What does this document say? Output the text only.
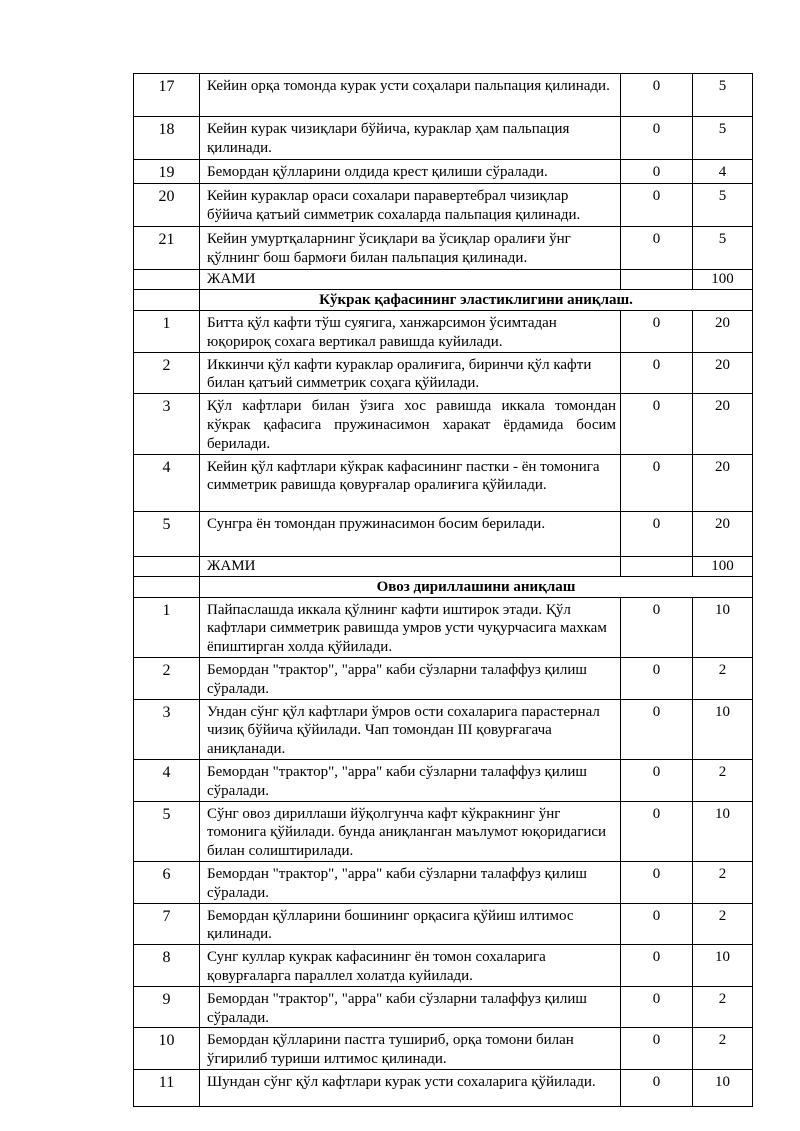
17	Кейин орқа томонда курак усти соҳалари пальпация қилинади.	0	5
18	Кейин курак чизиқлари бўйича, кураклар ҳам пальпация қилинади.	0	5
19	Бемордан қўлларини олдида крест қилиши сўралади.	0	4
20	Кейин кураклар ораси сохалари паравертебрал чизиқлар бўйича қатъий симметрик сохаларда пальпация қилинади.	0	5
21	Кейин умуртқаларнинг ўсиқлари ва ўсиқлар оралиғи ўнг қўлнинг бош бармоғи билан пальпация қилинади.	0	5
	ЖАМИ		100
	Кўкрак қафасининг эластиклигини аниқлаш.		
1	Битта қўл кафти тўш суягига, ханжарсимон ўсимтадан юқорироқ сохага вертикал равишда куйилади.	0	20
2	Иккинчи қўл кафти кураклар оралиғига, биринчи қўл кафти билан қатъий симметрик соҳага қўйилади.	0	20
3	Қўл кафтлари билан ўзига хос равишда иккала томондан кўкрак қафасига пружинасимон харакат ёрдамида босим берилади.	0	20
4	Кейин қўл кафтлари кўкрак кафасининг пастки - ён томонига симметрик равишда қовурғалар оралиғига қўйилади.	0	20
5	Сунгра ён томондан пружинасимон босим берилади.	0	20
	ЖАМИ		100
	Овоз дириллашини аниқлаш		
1	Пайпаслашда иккала қўлнинг кафти иштирок этади. Қўл кафтлари симметрик равишда умров усти чуқурчасига махкам ёпиштирган холда қўйилади.	0	10
2	Бемордан "трактор", "арра" каби сўзларни талаффуз қилиш сўралади.	0	2
3	Ундан сўнг қўл кафтлари ўмров ости сохаларига парастернал чизиқ бўйича қўйилади. Чап томондан III қовурғагача аниқланади.	0	10
4	Бемордан "трактор", "арра" каби сўзларни талаффуз қилиш сўралади.	0	2
5	Сўнг овоз дириллаши йўқолгунча кафт кўкракнинг ўнг томонига қўйилади. бунда аниқланган маълумот юқоридагиси билан солиштирилади.	0	10
6	Бемордан "трактор", "арра" каби сўзларни талаффуз қилиш сўралади.	0	2
7	Бемордан қўлларини бошининг орқасига қўйиш илтимос қилинади.	0	2
8	Сунг куллар кукрак кафасининг ён томон сохаларига қовурғаларга параллел холатда куйилади.	0	10
9	Бемордан "трактор", "арра" каби сўзларни талаффуз қилиш сўралади.	0	2
10	Бемордан қўлларини пастга тушириб, орқа томони билан ўгирилиб туриши илтимос қилинади.	0	2
11	Шундан сўнг қўл кафтлари курак усти сохаларига қўйилади.	0	10
